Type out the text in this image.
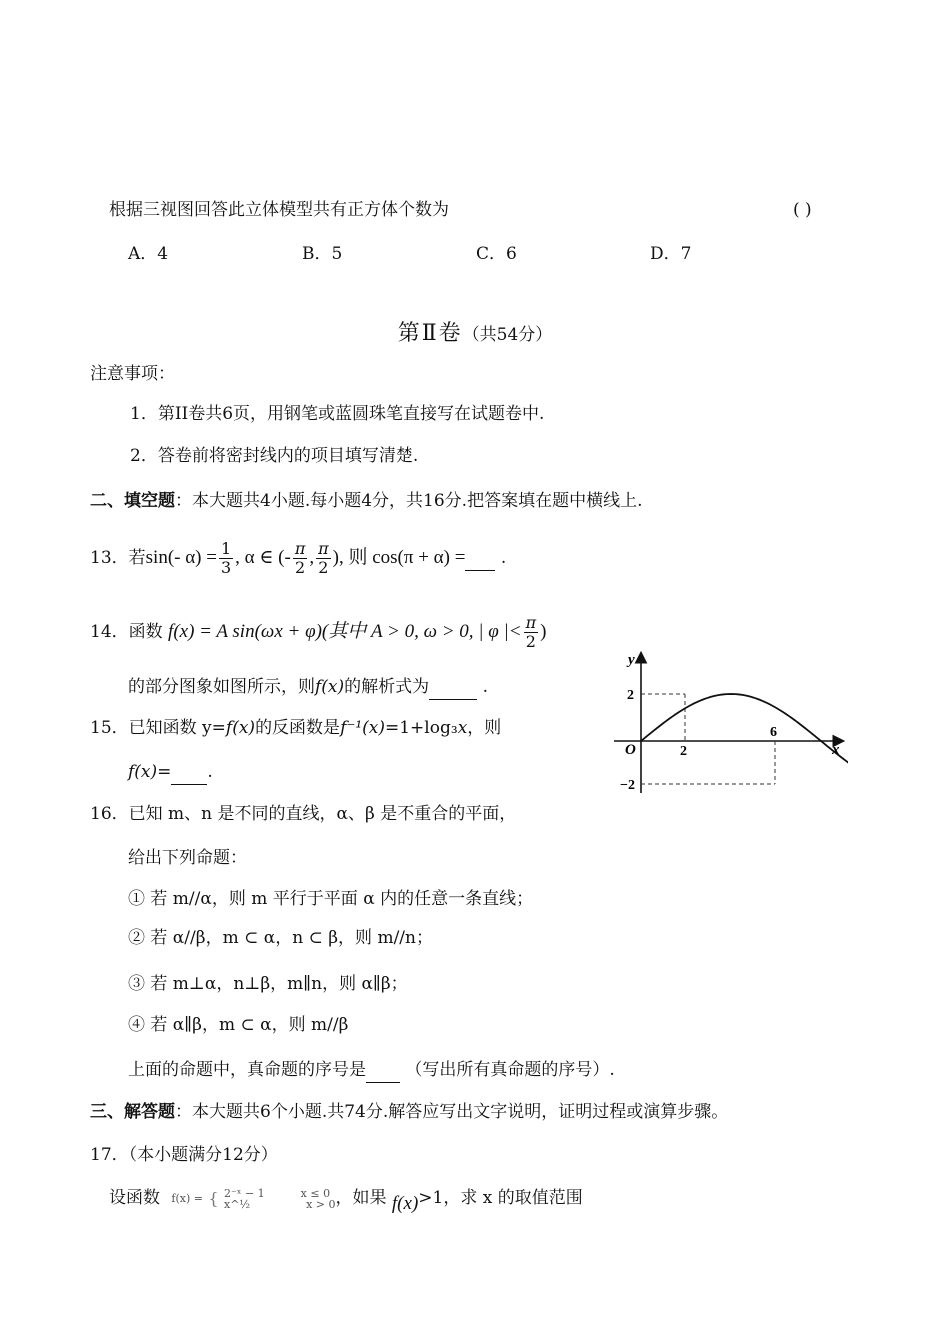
根据三视图回答此立体模型共有正方体个数为	( )
A．4	B．5	C．6	D．7
第Ⅱ卷（共54分）
注意事项：
1．第II卷共6页，用钢笔或蓝圆珠笔直接写在试题卷中.
2．答卷前将密封线内的项目填写清楚.
二、填空题：本大题共4小题.每小题4分，共16分.把答案填在题中横线上.
13．若sin(- $\alpha) = \frac{1}{3}$ , α ∈ (- $\frac{\pi}{2}$ , $\frac{\pi}{2}$ ), 则 cos(π + α) = .
14．函数 f(x) = A sin(ωx + φ)(其中 A > 0, ω > 0, | φ |< $\frac{\pi}{2}$ )
的部分图象如图所示，则f(x)的解析式为	.
15．已知函数 y=f(x)的反函数是f⁻¹(x)=1+log₃x，则
f(x)= .
y
x
O
2
−2
2
6
16．已知 m、n 是不同的直线，α、β 是不重合的平面，
给出下列命题：
① 若 m//α，则 m 平行于平面 α 内的任意一条直线；
② 若 α//β，m ⊂ α，n ⊂ β，则 m//n；
③ 若 m⊥α，n⊥β，m∥n，则 α∥β；
④ 若 α∥β，m ⊂ α，则 m//β
上面的命题中，真命题的序号是 （写出所有真命题的序号）.
三、解答题：本大题共6个小题.共74分.解答应写出文字说明，证明过程或演算步骤。
17．（本小题满分12分）
设函数 f(x) = { 2⁻ˣ − 1	x ≤ 0
x^½	x > 0 ，如果 f(x)>1，求 x 的取值范围
